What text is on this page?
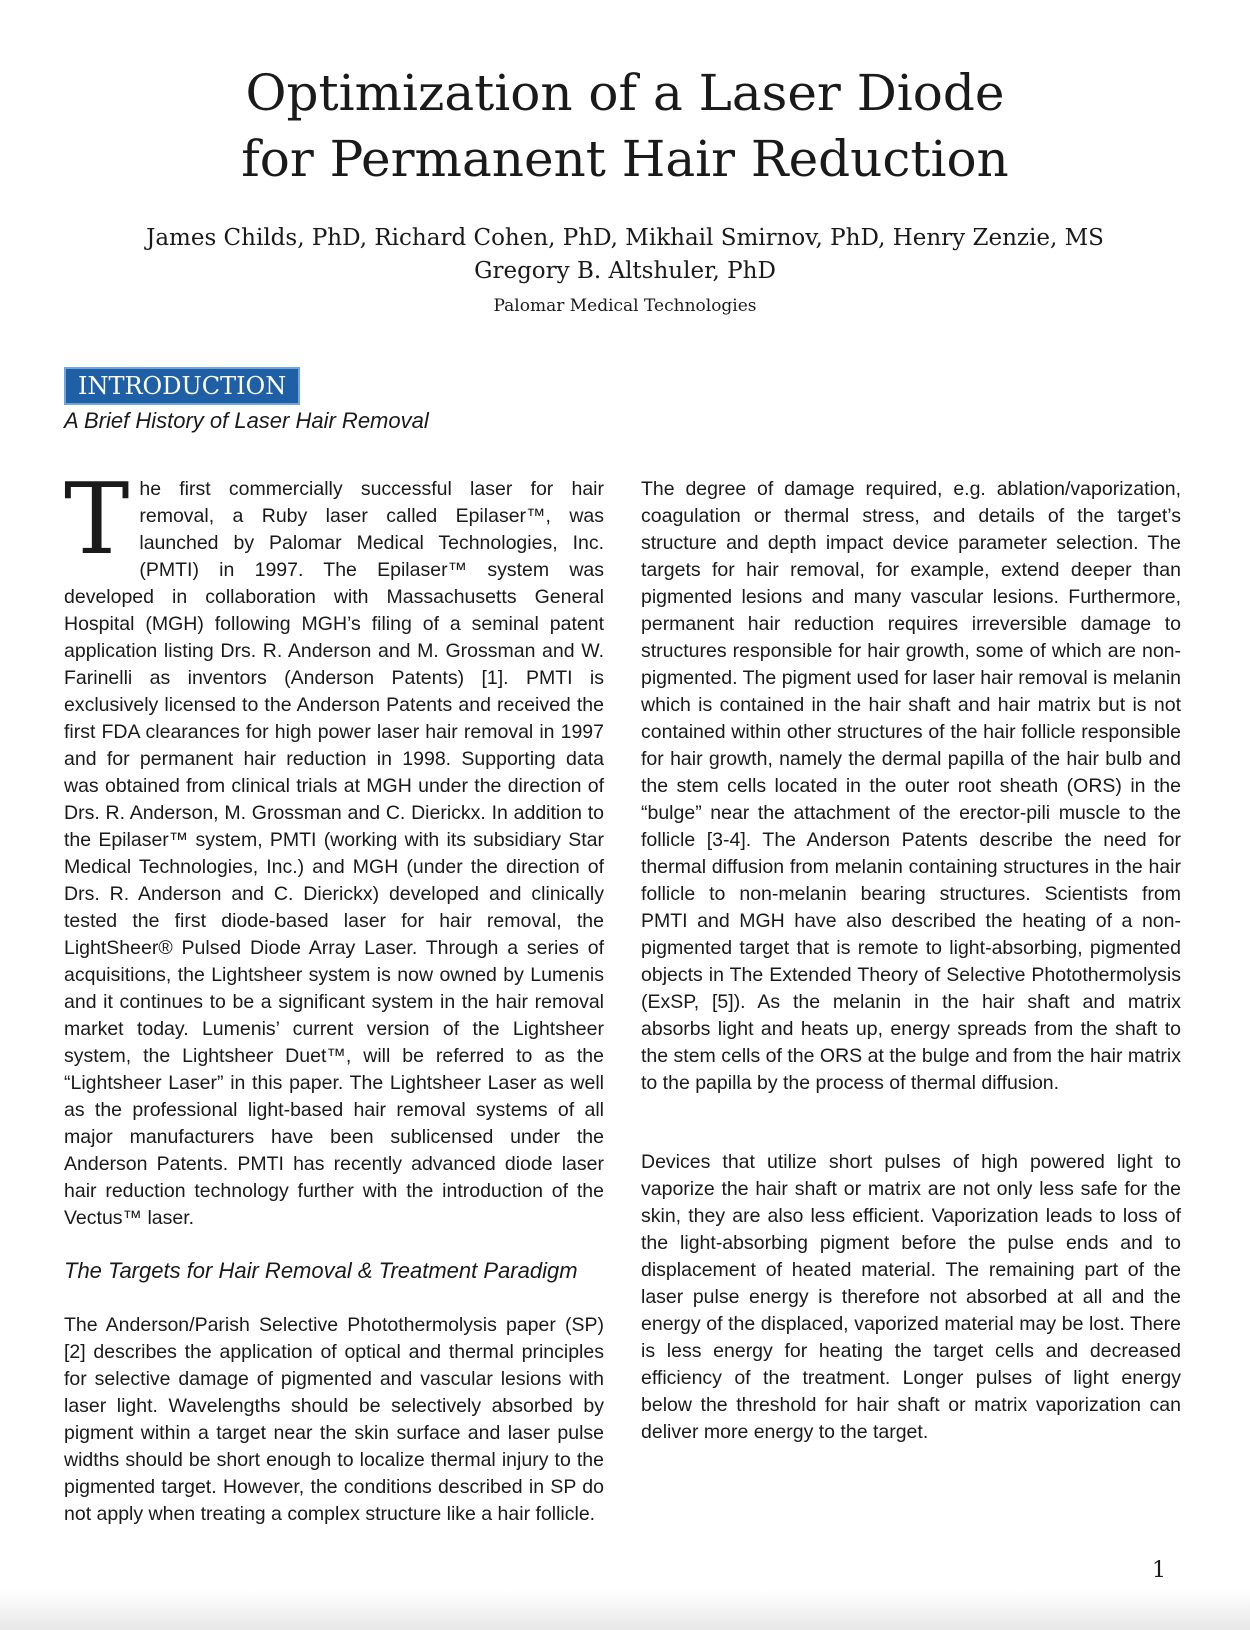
Optimization of a Laser Diode
for Permanent Hair Reduction
James Childs, PhD, Richard Cohen, PhD, Mikhail Smirnov, PhD, Henry Zenzie, MS
Gregory B. Altshuler, PhD
Palomar Medical Technologies
INTRODUCTION
A Brief History of Laser Hair Removal

The first commercially successful laser for hair removal, a Ruby laser called Epilaser™, was launched by Palomar Medical Technologies, Inc. (PMTI) in 1997. The Epilaser™ system was developed in collaboration with Massachusetts General Hospital (MGH) following MGH’s filing of a seminal patent application listing Drs. R. Anderson and M. Grossman and W. Farinelli as inventors (Anderson Patents) [1]. PMTI is exclusively licensed to the Anderson Patents and received the first FDA clearances for high power laser hair removal in 1997 and for permanent hair reduction in 1998. Supporting data was obtained from clinical trials at MGH under the direction of Drs. R. Anderson, M. Grossman and C. Dierickx. In addition to the Epilaser™ system, PMTI (working with its subsidiary Star Medical Technologies, Inc.) and MGH (under the direction of Drs. R. Anderson and C. Dierickx) developed and clinically tested the first diode-based laser for hair removal, the LightSheer® Pulsed Diode Array Laser. Through a series of acquisitions, the Lightsheer system is now owned by Lumenis and it continues to be a significant system in the hair removal market today. Lumenis’ current version of the Lightsheer system, the Lightsheer Duet™, will be referred to as the “Lightsheer Laser” in this paper. The Lightsheer Laser as well as the professional light-based hair removal systems of all major manufacturers have been sublicensed under the Anderson Patents. PMTI has recently advanced diode laser hair reduction technology further with the introduction of the Vectus™ laser.

The Targets for Hair Removal & Treatment Paradigm

The Anderson/Parish Selective Photothermolysis paper (SP) [2] describes the application of optical and thermal principles for selective damage of pigmented and vascular lesions with laser light. Wavelengths should be selectively absorbed by pigment within a target near the skin surface and laser pulse widths should be short enough to localize thermal injury to the pigmented target. However, the conditions described in SP do not apply when treating a complex structure like a hair follicle.

The degree of damage required, e.g. ablation/vaporization, coagulation or thermal stress, and details of the target’s structure and depth impact device parameter selection. The targets for hair removal, for example, extend deeper than pigmented lesions and many vascular lesions. Furthermore, permanent hair reduction requires irreversible damage to structures responsible for hair growth, some of which are non-pigmented. The pigment used for laser hair removal is melanin which is contained in the hair shaft and hair matrix but is not contained within other structures of the hair follicle responsible for hair growth, namely the dermal papilla of the hair bulb and the stem cells located in the outer root sheath (ORS) in the “bulge” near the attachment of the erector-pili muscle to the follicle [3-4]. The Anderson Patents describe the need for thermal diffusion from melanin containing structures in the hair follicle to non-melanin bearing structures. Scientists from PMTI and MGH have also described the heating of a non-pigmented target that is remote to light-absorbing, pigmented objects in The Extended Theory of Selective Photothermolysis (ExSP, [5]). As the melanin in the hair shaft and matrix absorbs light and heats up, energy spreads from the shaft to the stem cells of the ORS at the bulge and from the hair matrix to the papilla by the process of thermal diffusion.

Devices that utilize short pulses of high powered light to vaporize the hair shaft or matrix are not only less safe for the skin, they are also less efficient. Vaporization leads to loss of the light-absorbing pigment before the pulse ends and to displacement of heated material. The remaining part of the laser pulse energy is therefore not absorbed at all and the energy of the displaced, vaporized material may be lost. There is less energy for heating the target cells and decreased efficiency of the treatment. Longer pulses of light energy below the threshold for hair shaft or matrix vaporization can deliver more energy to the target.

1
